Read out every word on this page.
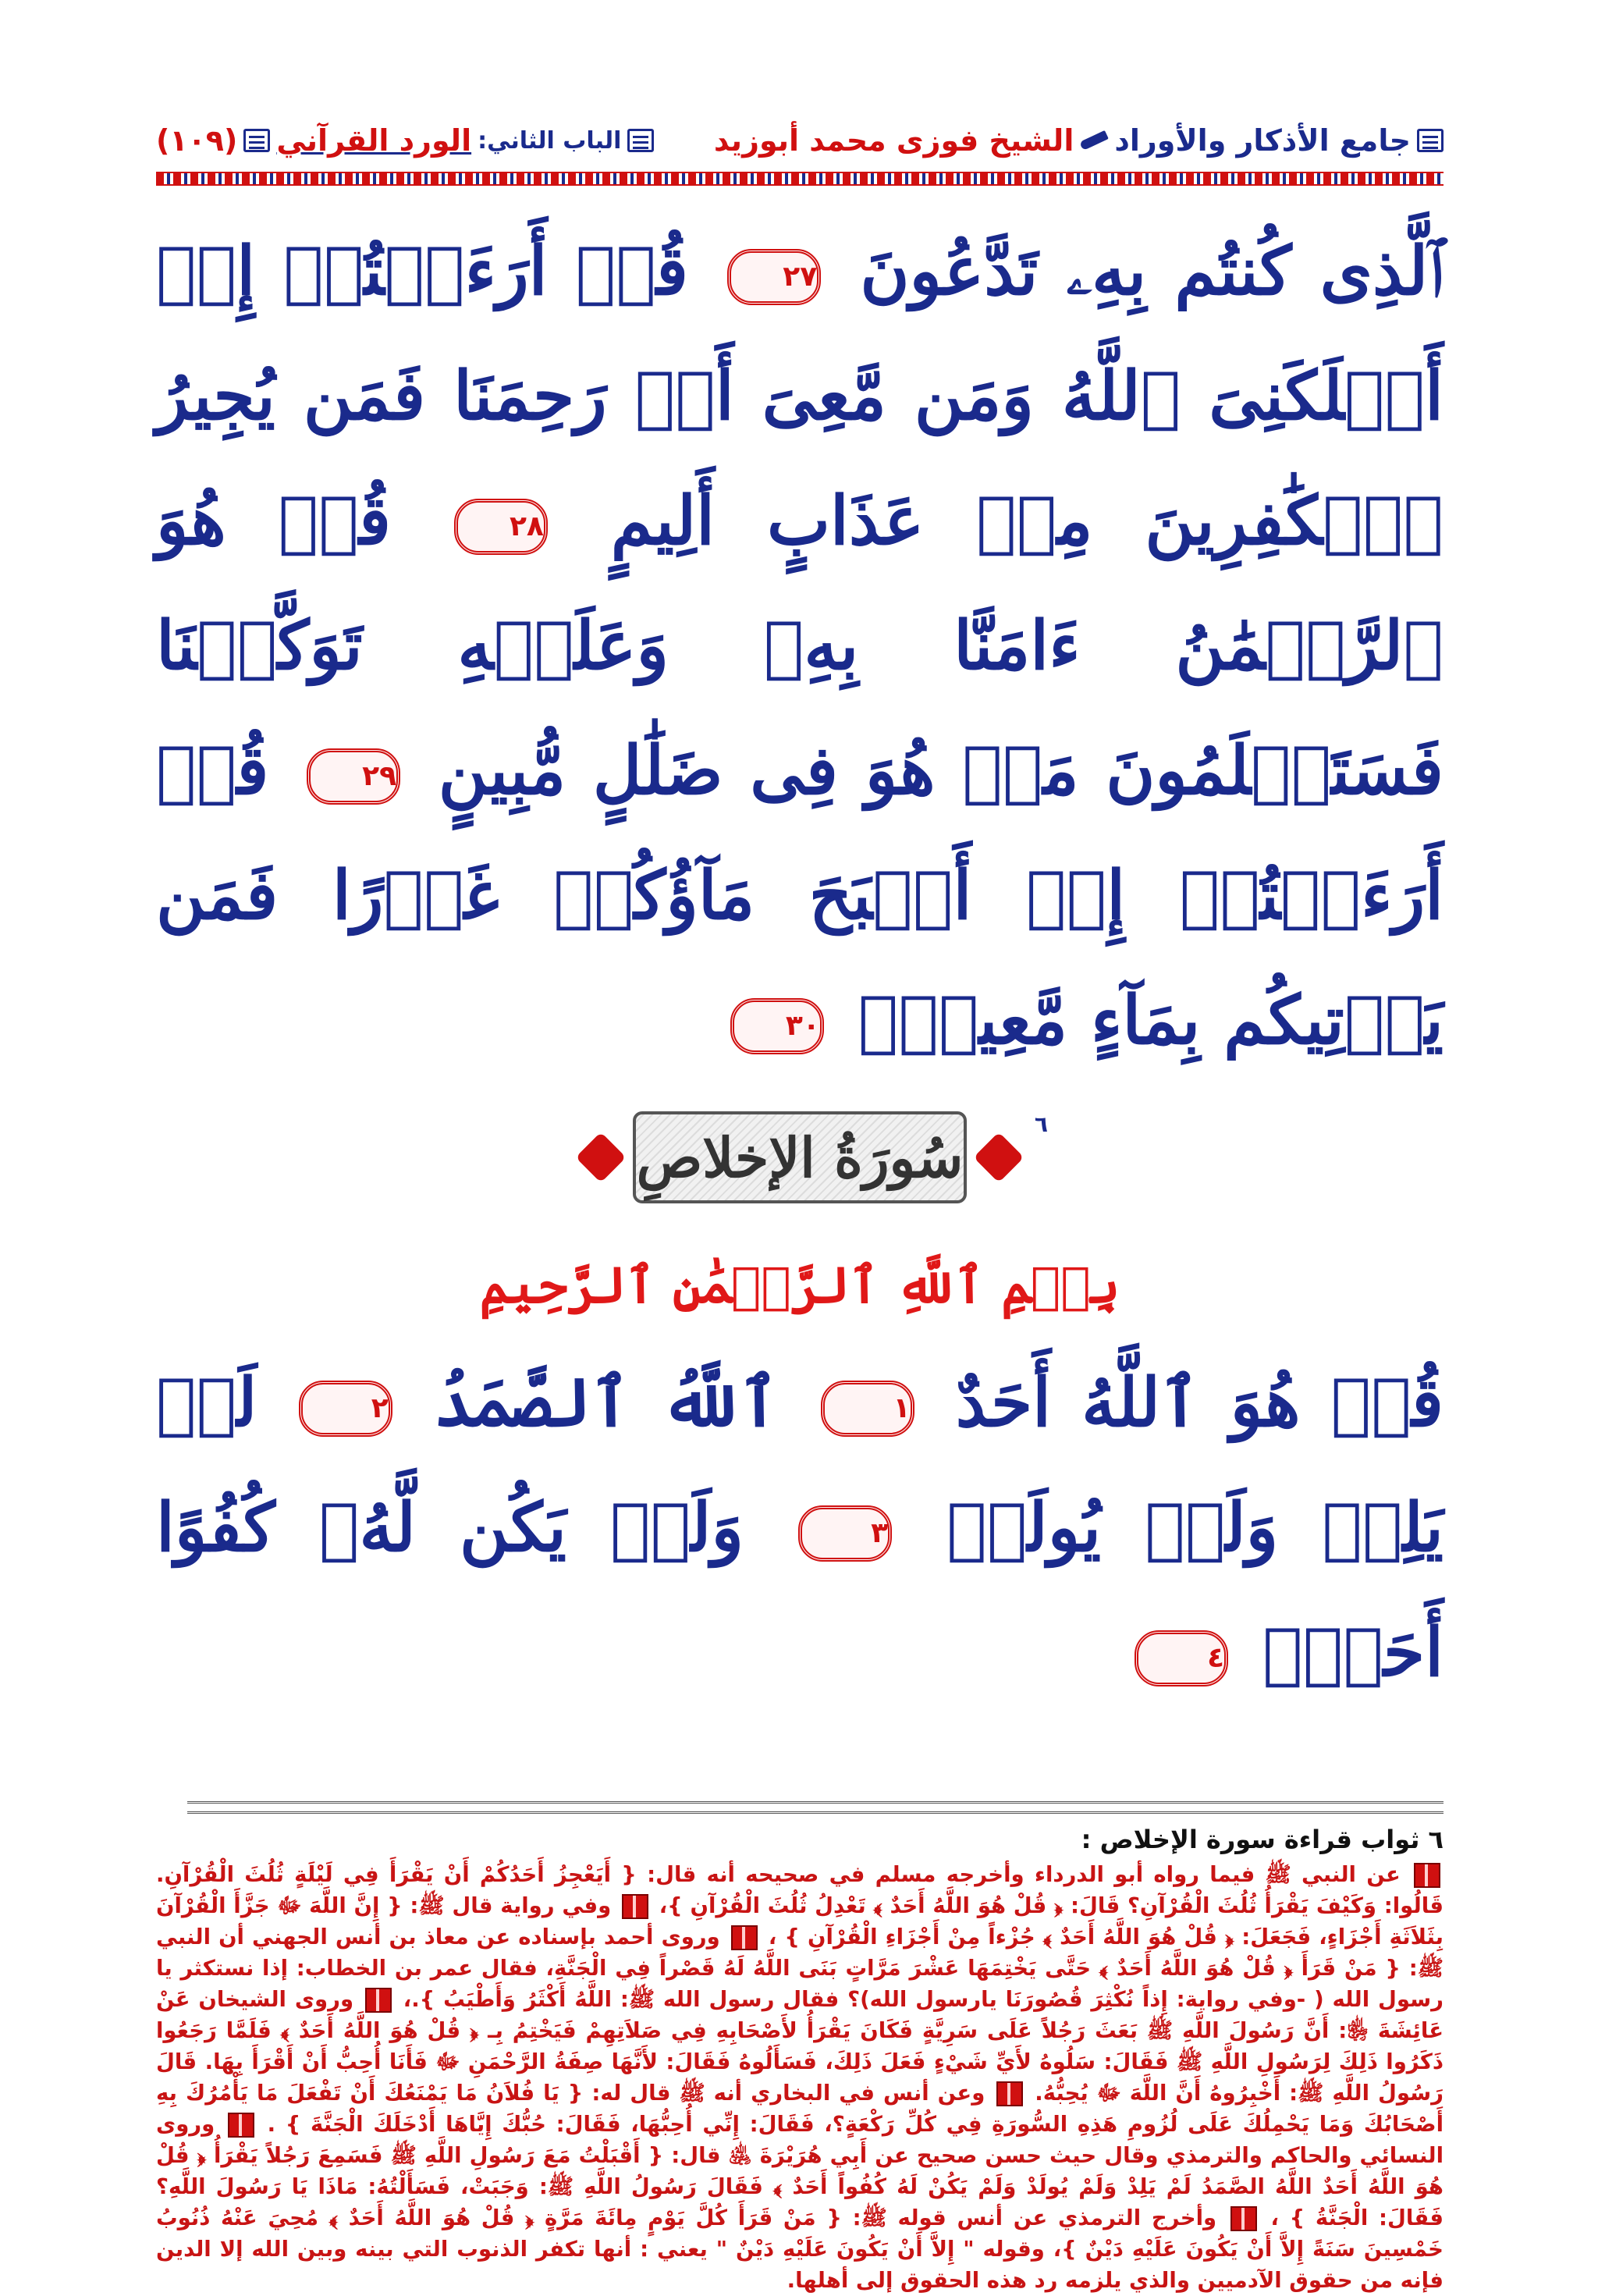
جامع الأذكار والأوراد
الشيخ فوزى محمد أبوزيد
الباب الثاني:
الورد القرآني
(١٠٩)
ٱلَّذِى كُنتُم بِهِۦ تَدَّعُونَ ٢٧ قُلۡ أَرَءَيۡتُمۡ إِنۡ أَهۡلَكَنِىَ ٱللَّهُ وَمَن مَّعِىَ أَوۡ رَحِمَنَا فَمَن يُجِيرُ ٱلۡكَٰفِرِينَ مِنۡ عَذَابٍ أَلِيمٍ ٢٨ قُلۡ هُوَ ٱلرَّحۡمَٰنُ ءَامَنَّا بِهِۦ وَعَلَيۡهِ تَوَكَّلۡنَا فَسَتَعۡلَمُونَ مَنۡ هُوَ فِى ضَلَٰلٍ مُّبِينٍ ٢٩ قُلۡ أَرَءَيۡتُمۡ إِنۡ أَصۡبَحَ مَآؤُكُمۡ غَوۡرًا فَمَن يَأۡتِيكُم بِمَآءٍ مَّعِينِۭ ٣٠
سُورَةُ الإخلاصِ
٦
بِسۡمِ ٱللَّهِ ٱلرَّحۡمَٰنِ ٱلرَّحِيمِ
قُلۡ هُوَ ٱللَّهُ أَحَدٌ ١ ٱللَّهُ ٱلصَّمَدُ ٢ لَمۡ يَلِدۡ وَلَمۡ يُولَدۡ ٣ وَلَمۡ يَكُن لَّهُۥ كُفُوًا أَحَدُۢ ٤
٦ ثواب قراءة سورة الإخلاص :
عن النبي ﷺ فيما رواه أبو الدرداء وأخرجه مسلم في صحيحه أنه قال: { أَيَعْجِزُ أَحَدُكُمْ أَنْ يَقْرَأَ فِي لَيْلَةٍ ثُلُثَ الْقُرْآنِ. قَالُوا: وَكَيْفَ يَقْرَأُ ثُلُثَ الْقُرْآنِ؟ قَالَ: ﴿ قُلْ هُوَ اللَّهُ أَحَدٌ ﴾ تَعْدِلُ ثُلُثَ الْقُرْآنِ }،  وفي رواية قال ﷺ: { إِنَّ اللَّهَ ﷻ جَزَّأَ الْقُرْآنَ بِثَلاَثَةِ أَجْزَاءٍ، فَجَعَلَ: ﴿ قُلْ هُوَ اللَّهُ أَحَدٌ ﴾ جُزْءاً مِنْ أَجْزَاءِ الْقُرْآنِ } ،  وروى أحمد بإسناده عن معاذ بن أنس الجهني أن النبي ﷺ: { مَنْ قَرَأَ ﴿ قُلْ هُوَ اللَّهُ أَحَدٌ ﴾ حَتَّى يَخْتِمَهَا عَشْرَ مَرَّاتٍ بَنَى اللَّهُ لَهُ قَصْراً فِي الْجَنَّةِ، فقال عمر بن الخطاب: إذا نستكثر يا رسول الله ( -وفي رواية: إِذاً نُكْثِرَ قُصُورَنَا يارسول الله)؟ فقال رسول الله ﷺ: اللَّهُ أَكْثَرُ وَأَطْيَبُ }.،  وروى الشيخان عَنْ عَائِشَةَ ﵂: أَنَّ رَسُولَ اللَّهِ ﷺ بَعَثَ رَجُلاً عَلَى سَرِيَّةٍ فَكَانَ يَقْرَأُ لأَصْحَابِهِ فِي صَلاَتِهِمْ فَيَخْتِمُ بِـ ﴿ قُلْ هُوَ اللَّهُ أَحَدٌ ﴾ فَلَمَّا رَجَعُوا ذَكَرُوا ذَلِكَ لِرَسُولِ اللَّهِ ﷺ فَقَالَ: سَلُوهُ لأَيِّ شَيْءٍ فَعَلَ ذَلِكَ، فَسَأَلُوهُ فَقَالَ: لأَنَّهَا صِفَةُ الرَّحْمَنِ ﷻ فَأَنَا أُحِبُّ أَنْ أَقْرَأَ بِهَا. قَالَ رَسُولُ اللَّهِ ﷺ: أَخْبِرُوهُ أَنَّ اللَّهَ ﷻ يُحِبُّهُ.  وعن أنس في البخاري أنه ﷺ قال له: { يَا فُلاَنُ مَا يَمْنَعُكَ أَنْ تَفْعَلَ مَا يَأْمُرُكَ بِهِ أَصْحَابُكَ وَمَا يَحْمِلُكَ عَلَى لُزُومِ هَذِهِ السُّورَةِ فِي كُلِّ رَكْعَةٍ؟، فَقَالَ: إِنِّي أُحِبُّهَا، فَقَالَ: حُبُّكَ إِيَّاهَا أَدْخَلَكَ الْجَنَّةَ } .  وروى النسائي والحاكم والترمذي وقال حيث حسن صحيح عن أَبِي هُرَيْرَةَ ﵁ قال: { أَقْبَلْتُ مَعَ رَسُولِ اللَّهِ ﷺ فَسَمِعَ رَجُلاً يَقْرَأُ ﴿ قُلْ هُوَ اللَّهُ أَحَدٌ اللَّهُ الصَّمَدُ لَمْ يَلِدْ وَلَمْ يُولَدْ وَلَمْ يَكُنْ لَهُ كُفُواً أَحَدٌ ﴾ فَقَالَ رَسُولُ اللَّهِ ﷺ: وَجَبَتْ، فَسَأَلْتُهُ: مَاذَا يَا رَسُولَ اللَّهِ؟ فَقَالَ: الْجَنَّةُ } ،  وأخرج الترمذي عن أنس قوله ﷺ: { مَنْ قَرَأَ كُلَّ يَوْمٍ مِائَةَ مَرَّةٍ ﴿ قُلْ هُوَ اللَّهُ أَحَدٌ ﴾ مُحِيَ عَنْهُ ذُنُوبُ خَمْسِينَ سَنَةً إِلاَّ أَنْ يَكُونَ عَلَيْهِ دَيْنٌ }، وقوله " إِلاَّ أَنْ يَكُونَ عَلَيْهِ دَيْنٌ " يعني : أنها تكفر الذنوب التي بينه وبين الله إلا الدين فإنه من حقوق الآدميين والذي يلزمه رد هذه الحقوق إلى أهلها.
